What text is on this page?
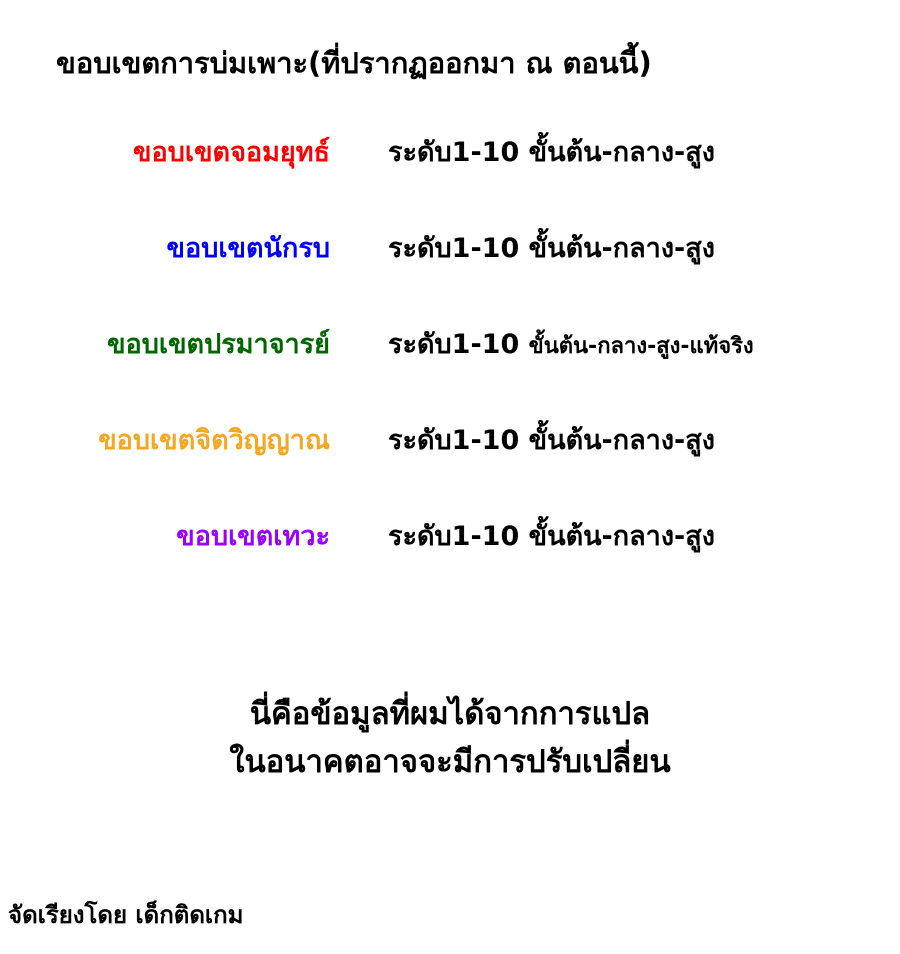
ขอบเขตการบ่มเพาะ(ที่ปรากฏออกมา ณ ตอนนี้)
ขอบเขตจอมยุทธ์	ระดับ1-10 ขั้นต้น-กลาง-สูง
ขอบเขตนักรบ	ระดับ1-10 ขั้นต้น-กลาง-สูง
ขอบเขตปรมาจารย์	ระดับ1-10 ขั้นต้น-กลาง-สูง-แท้จริง
ขอบเขตจิตวิญญาณ	ระดับ1-10 ขั้นต้น-กลาง-สูง
ขอบเขตเทวะ	ระดับ1-10 ขั้นต้น-กลาง-สูง
นี่คือข้อมูลที่ผมได้จากการแปล
ในอนาคตอาจจะมีการปรับเปลี่ยน
จัดเรียงโดย เด็กติดเกม
